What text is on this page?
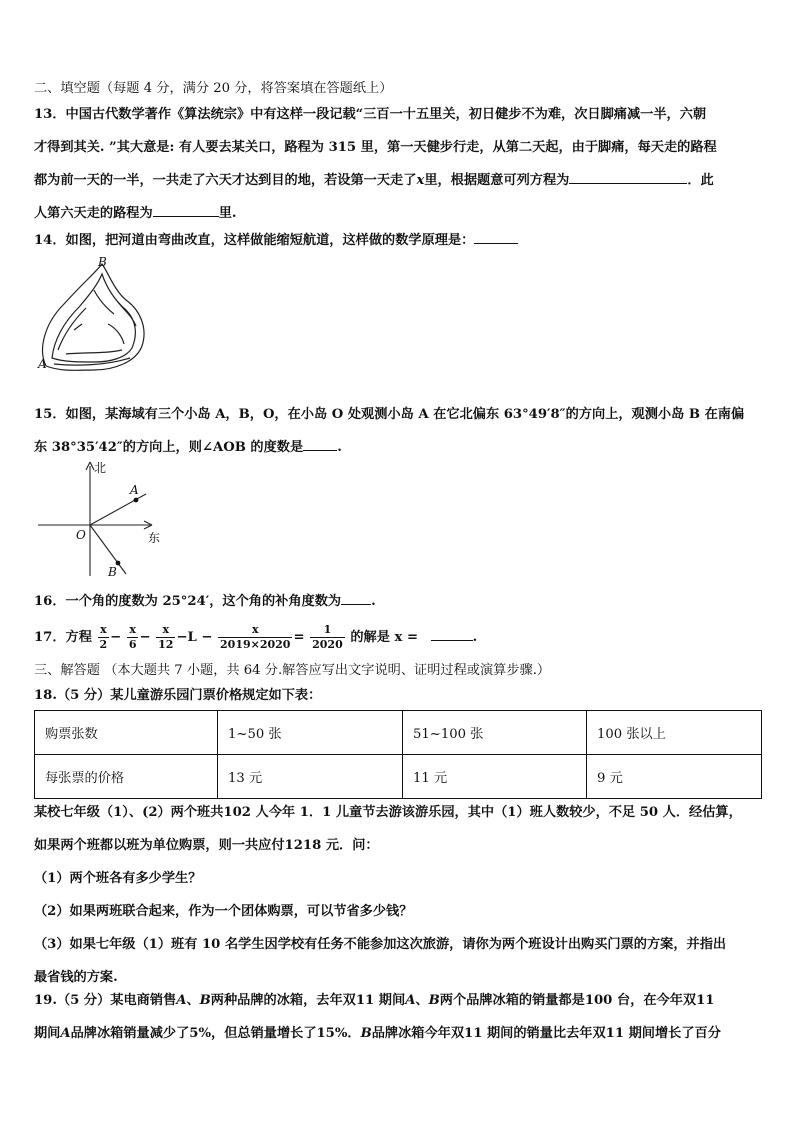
二、填空题（每题 4 分，满分 20 分，将答案填在答题纸上）

13．中国古代数学著作《算法统宗》中有这样一段记载“三百一十五里关，初日健步不为难，次日脚痛减一半，六朝

才得到其关. ”其大意是: 有人要去某关口，路程为 315 里，第一天健步行走，从第二天起，由于脚痛，每天走的路程

都为前一天的一半，一共走了六天才达到目的地，若设第一天走了x里，根据题意可列方程为	．此

人第六天走的路程为	里.

14．如图，把河道由弯曲改直，这样做能缩短航道，这样做的数学原理是：

B
A

15．如图，某海域有三个小岛 A，B，O，在小岛 O 处观测小岛 A 在它北偏东 63°49′8″的方向上，观测小岛 B 在南偏

东 38°35′42″的方向上，则∠AOB 的度数是	.

北
东
O
A
B

16．一个角的度数为 25°24′，这个角的补角度数为 .

17．方程 $\frac{x}{2} - \frac{x}{6} - \frac{x}{12} -L - \frac{x}{2019\times 2020} = \frac{1}{2020}$ 的解是 x =	.

三、解答题 （本大题共 7 小题，共 64 分.解答应写出文字说明、证明过程或演算步骤.）

18.（5 分）某儿童游乐园门票价格规定如下表：

购票张数	1~50 张	51~100 张	100 张以上
每张票的价格	13 元	11 元	9 元

某校七年级（1）、(2）两个班共102 人今年 1．1 儿童节去游该游乐园，其中（1）班人数较少，不足 50 人．经估算，

如果两个班都以班为单位购票，则一共应付1218 元．问：

（1）两个班各有多少学生？

（2）如果两班联合起来，作为一个团体购票，可以节省多少钱？

（3）如果七年级（1）班有 10 名学生因学校有任务不能参加这次旅游，请你为两个班设计出购买门票的方案，并指出

最省钱的方案.

19.（5 分）某电商销售A、B两种品牌的冰箱，去年双11 期间A、B两个品牌冰箱的销量都是100 台，在今年双11

期间A品牌冰箱销量减少了5%，但总销量增长了15%．B品牌冰箱今年双11 期间的销量比去年双11 期间增长了百分
